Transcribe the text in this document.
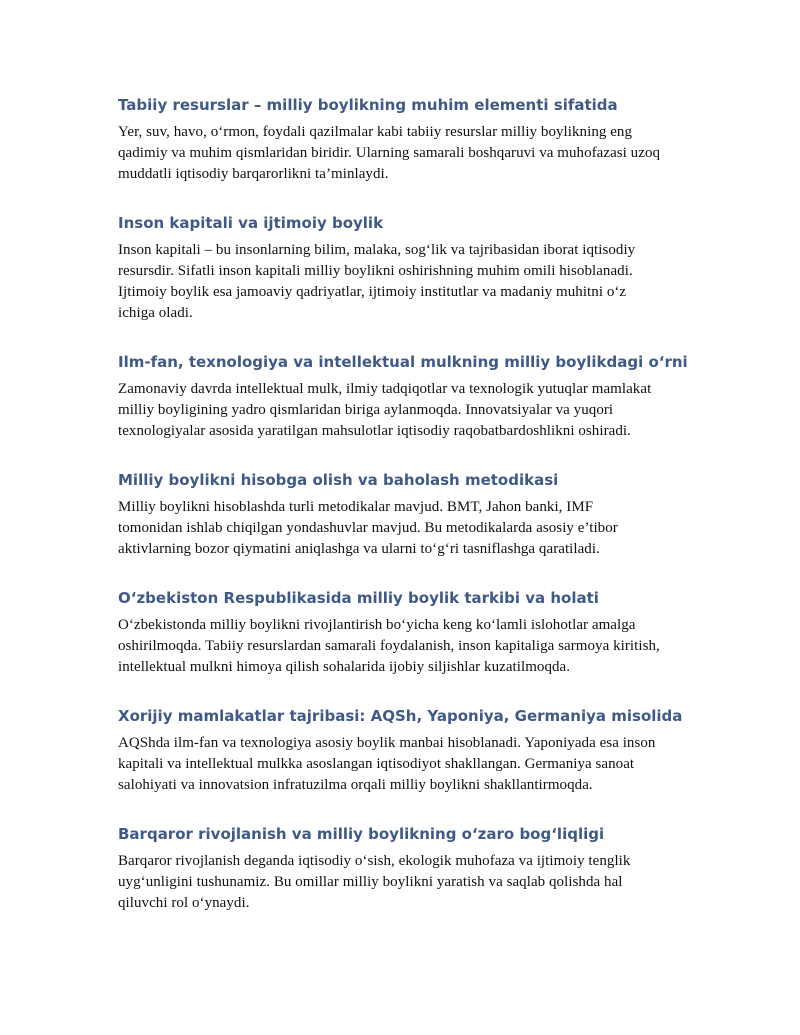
Tabiiy resurslar – milliy boylikning muhim elementi sifatida

Yer, suv, havo, o‘rmon, foydali qazilmalar kabi tabiiy resurslar milliy boylikning eng
qadimiy va muhim qismlaridan biridir. Ularning samarali boshqaruvi va muhofazasi uzoq
muddatli iqtisodiy barqarorlikni ta’minlaydi.

Inson kapitali va ijtimoiy boylik

Inson kapitali – bu insonlarning bilim, malaka, sog‘lik va tajribasidan iborat iqtisodiy
resursdir. Sifatli inson kapitali milliy boylikni oshirishning muhim omili hisoblanadi.
Ijtimoiy boylik esa jamoaviy qadriyatlar, ijtimoiy institutlar va madaniy muhitni o‘z
ichiga oladi.

Ilm-fan, texnologiya va intellektual mulkning milliy boylikdagi o‘rni

Zamonaviy davrda intellektual mulk, ilmiy tadqiqotlar va texnologik yutuqlar mamlakat
milliy boyligining yadro qismlaridan biriga aylanmoqda. Innovatsiyalar va yuqori
texnologiyalar asosida yaratilgan mahsulotlar iqtisodiy raqobatbardoshlikni oshiradi.

Milliy boylikni hisobga olish va baholash metodikasi

Milliy boylikni hisoblashda turli metodikalar mavjud. BMT, Jahon banki, IMF
tomonidan ishlab chiqilgan yondashuvlar mavjud. Bu metodikalarda asosiy e’tibor
aktivlarning bozor qiymatini aniqlashga va ularni to‘g‘ri tasniflashga qaratiladi.

O‘zbekiston Respublikasida milliy boylik tarkibi va holati

O‘zbekistonda milliy boylikni rivojlantirish bo‘yicha keng ko‘lamli islohotlar amalga
oshirilmoqda. Tabiiy resurslardan samarali foydalanish, inson kapitaliga sarmoya kiritish,
intellektual mulkni himoya qilish sohalarida ijobiy siljishlar kuzatilmoqda.

Xorijiy mamlakatlar tajribasi: AQSh, Yaponiya, Germaniya misolida

AQShda ilm-fan va texnologiya asosiy boylik manbai hisoblanadi. Yaponiyada esa inson
kapitali va intellektual mulkka asoslangan iqtisodiyot shakllangan. Germaniya sanoat
salohiyati va innovatsion infratuzilma orqali milliy boylikni shakllantirmoqda.

Barqaror rivojlanish va milliy boylikning o‘zaro bog‘liqligi

Barqaror rivojlanish deganda iqtisodiy o‘sish, ekologik muhofaza va ijtimoiy tenglik
uyg‘unligini tushunamiz. Bu omillar milliy boylikni yaratish va saqlab qolishda hal
qiluvchi rol o‘ynaydi.
